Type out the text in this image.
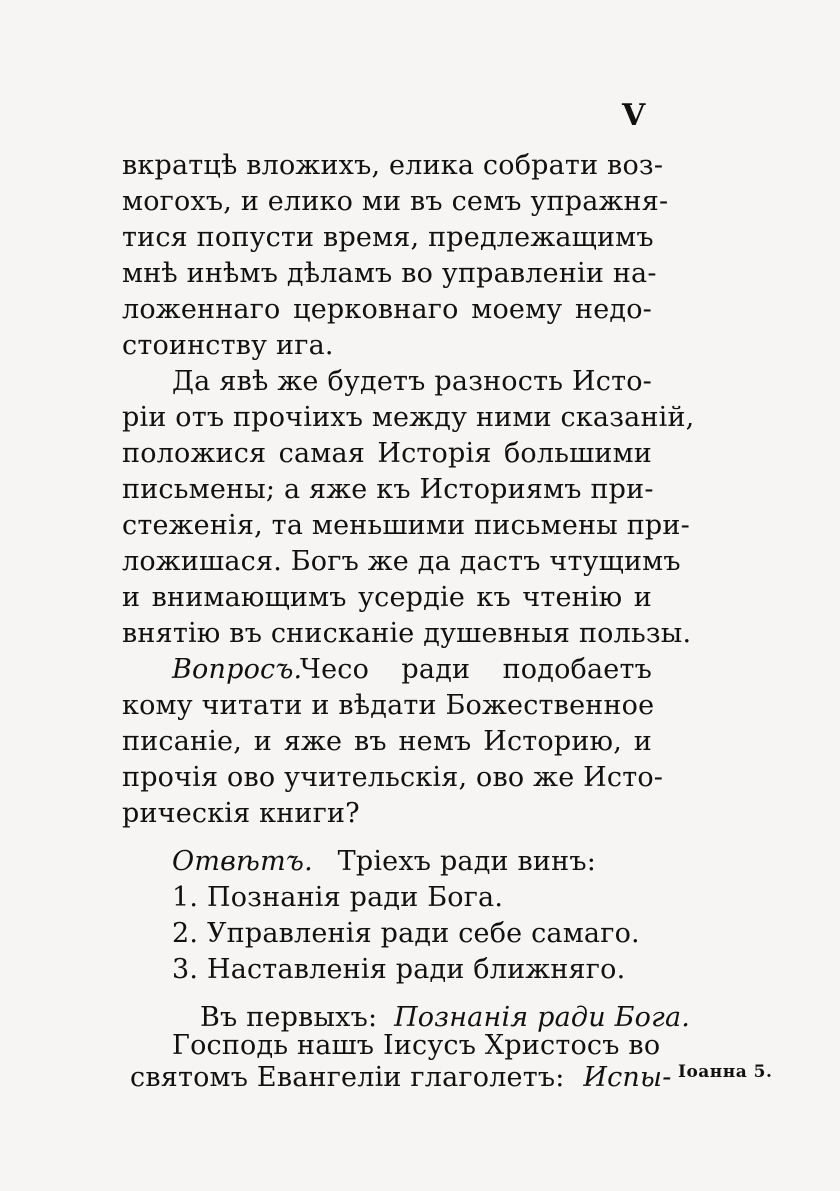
V
вкратцѣ вложихъ, елика собрати воз-
могохъ, и елико ми въ семъ упражня-
тися попусти время, предлежащимъ
мнѣ инѣмъ дѣламъ во управленіи на-
ложеннаго церковнаго моему недо-
стоинству ига.
Да явѣ же будетъ разность Исто-
ріи отъ прочіихъ между ними сказаній,
положися самая Исторія большими
письмены; а яже къ Историямъ при-
стеженія, та меньшими письмены при-
ложишася. Богъ же да дастъ чтущимъ
и внимающимъ усердіе къ чтенію и
внятію въ снисканіе душевныя пользы.
Вопросъ.
Чесо ради подобаетъ
кому читати и вѣдати Божественное
писаніе, и яже въ немъ Историю, и
прочія ово учительскія, ово же Исто-
рическія книги?
Отвѣтъ. Тріехъ ради винъ:
1. Познанія ради Бога.
2. Управленія ради себе самаго.
3. Наставленія ради ближняго.
Въ первыхъ: Познанія ради Бога.
Господь нашъ Іисусъ Христосъ во
святомъ Евангеліи глаголетъ: Испы- Іоанна 5.
